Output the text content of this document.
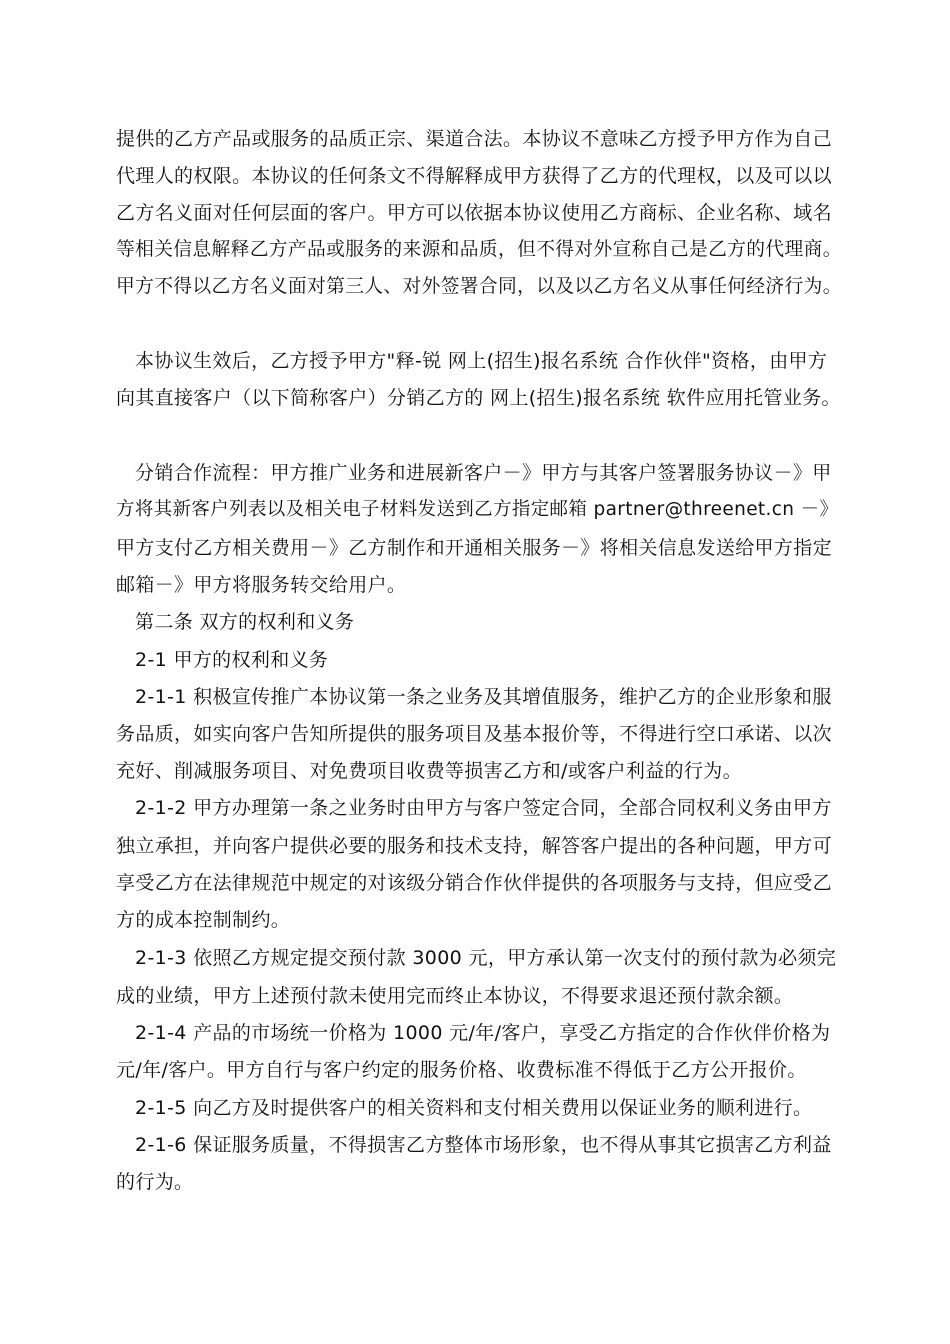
提供的乙方产品或服务的品质正宗、渠道合法。本协议不意味乙方授予甲方作为自己
代理人的权限。本协议的任何条文不得解释成甲方获得了乙方的代理权，以及可以以
乙方名义面对任何层面的客户。甲方可以依据本协议使用乙方商标、企业名称、域名
等相关信息解释乙方产品或服务的来源和品质，但不得对外宣称自己是乙方的代理商。
甲方不得以乙方名义面对第三人、对外签署合同，以及以乙方名义从事任何经济行为。
本协议生效后，乙方授予甲方"释-锐 网上(招生)报名系统 合作伙伴"资格，由甲方
向其直接客户（以下简称客户）分销乙方的 网上(招生)报名系统 软件应用托管业务。
分销合作流程：甲方推广业务和进展新客户－》甲方与其客户签署服务协议－》甲
方将其新客户列表以及相关电子材料发送到乙方指定邮箱 partner@threenet.cn －》
甲方支付乙方相关费用－》乙方制作和开通相关服务－》将相关信息发送给甲方指定
邮箱－》甲方将服务转交给用户。
第二条 双方的权利和义务
2-1 甲方的权利和义务
2-1-1 积极宣传推广本协议第一条之业务及其增值服务，维护乙方的企业形象和服
务品质，如实向客户告知所提供的服务项目及基本报价等，不得进行空口承诺、以次
充好、削减服务项目、对免费项目收费等损害乙方和/或客户利益的行为。
2-1-2 甲方办理第一条之业务时由甲方与客户签定合同，全部合同权利义务由甲方
独立承担，并向客户提供必要的服务和技术支持，解答客户提出的各种问题，甲方可
享受乙方在法律规范中规定的对该级分销合作伙伴提供的各项服务与支持，但应受乙
方的成本控制制约。
2-1-3 依照乙方规定提交预付款 3000 元，甲方承认第一次支付的预付款为必须完
成的业绩，甲方上述预付款未使用完而终止本协议，不得要求退还预付款余额。
2-1-4 产品的市场统一价格为 1000 元/年/客户，享受乙方指定的合作伙伴价格为
元/年/客户。甲方自行与客户约定的服务价格、收费标准不得低于乙方公开报价。
2-1-5 向乙方及时提供客户的相关资料和支付相关费用以保证业务的顺利进行。
2-1-6 保证服务质量，不得损害乙方整体市场形象，也不得从事其它损害乙方利益
的行为。
